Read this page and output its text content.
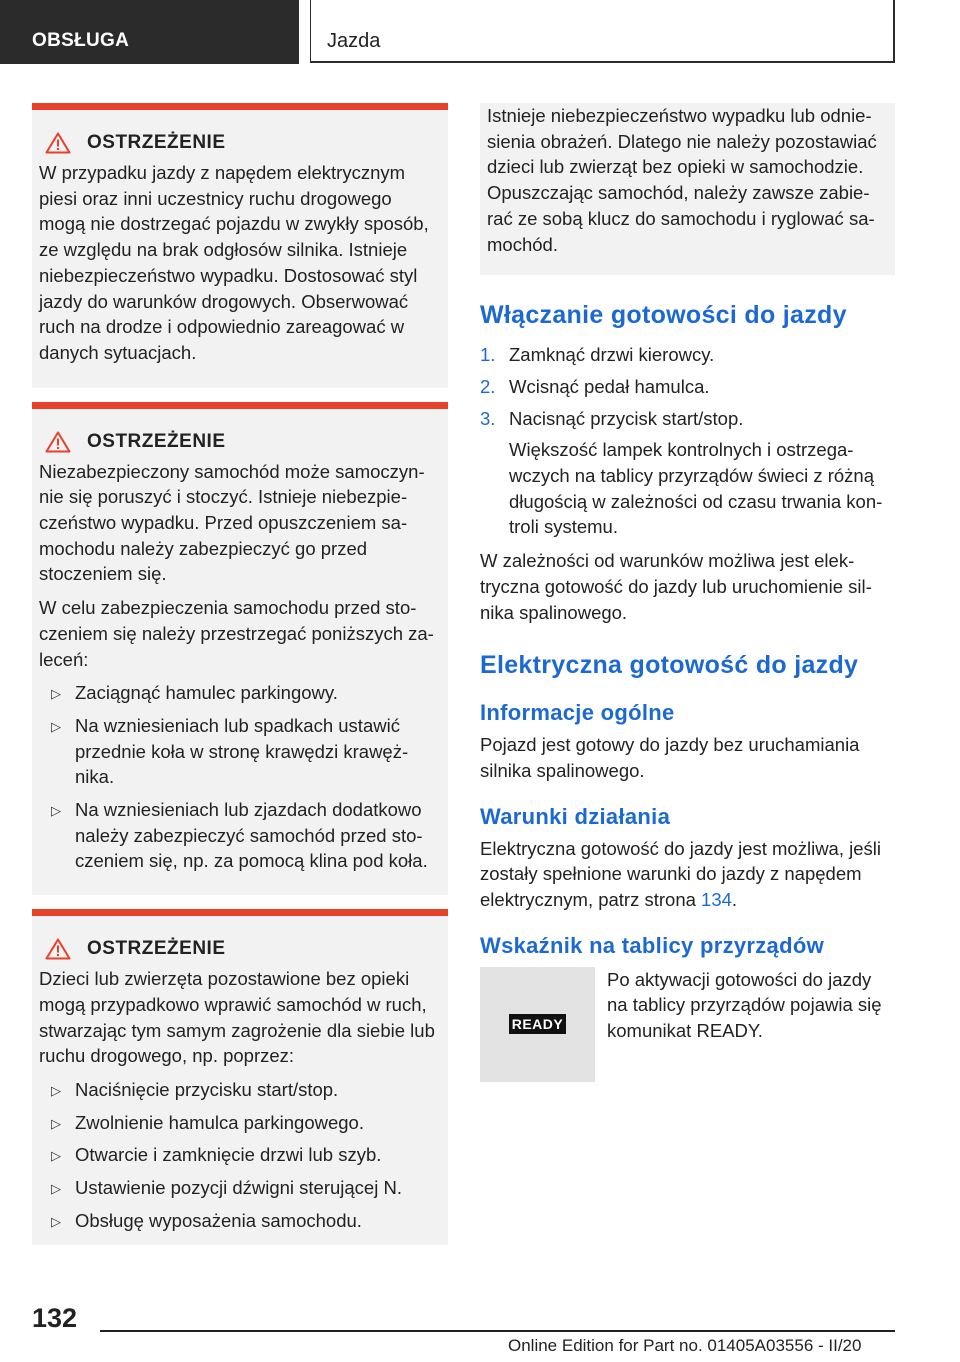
OBSŁUGA	Jazda
OSTRZEŻENIE

W przypadku jazdy z napędem elektrycznym piesi oraz inni uczestnicy ruchu drogowego mogą nie dostrzegać pojazdu w zwykły sposób, ze względu na brak odgłosów silnika. Istnieje niebezpieczeństwo wypadku. Dostosować styl jazdy do warunków drogowych. Obserwować ruch na drodze i odpowiednio zareagować w danych sytuacjach.

OSTRZEŻENIE

Niezabezpieczony samochód może samoczynnie się poruszyć i stoczyć. Istnieje niebezpieczeństwo wypadku. Przed opuszczeniem samochodu należy zabezpieczyć go przed stoczeniem się.

W celu zabezpieczenia samochodu przed stoczeniem się należy przestrzegać poniższych zaleceń:

▷ Zaciągnąć hamulec parkingowy.
▷ Na wzniesieniach lub spadkach ustawić przednie koła w stronę krawędzi krawężnika.
▷ Na wzniesieniach lub zjazdach dodatkowo należy zabezpieczyć samochód przed stoczeniem się, np. za pomocą klina pod koła.
OSTRZEŻENIE

Dzieci lub zwierzęta pozostawione bez opieki mogą przypadkowo wprawić samochód w ruch, stwarzając tym samym zagrożenie dla siebie lub ruchu drogowego, np. poprzez:

▷ Naciśnięcie przycisku start/stop.
▷ Zwolnienie hamulca parkingowego.
▷ Otwarcie i zamknięcie drzwi lub szyb.
▷ Ustawienie pozycji dźwigni sterującej N.
▷ Obsługę wyposażenia samochodu.
Istnieje niebezpieczeństwo wypadku lub odniesienia obrażeń. Dlatego nie należy pozostawiać dzieci lub zwierząt bez opieki w samochodzie. Opuszczając samochód, należy zawsze zabierać ze sobą klucz do samochodu i ryglować samochód.
Włączanie gotowości do jazdy
1. Zamknąć drzwi kierowcy.
2. Wcisnąć pedał hamulca.
3. Nacisnąć przycisk start/stop.

Większość lampek kontrolnych i ostrzegawczych na tablicy przyrządów świeci z różną długością w zależności od czasu trwania kontroli systemu.

W zależności od warunków możliwa jest elektryczna gotowość do jazdy lub uruchomienie silnika spalinowego.

Elektryczna gotowość do jazdy
Informacje ogólne

Pojazd jest gotowy do jazdy bez uruchamiania silnika spalinowego.

Warunki działania

Elektryczna gotowość do jazdy jest możliwa, jeśli zostały spełnione warunki do jazdy z napędem elektrycznym, patrz strona 134.

Wskaźnik na tablicy przyrządów
READY
Po aktywacji gotowości do jazdy na tablicy przyrządów pojawia się komunikat READY.
132
Online Edition for Part no. 01405A03556 - II/20
